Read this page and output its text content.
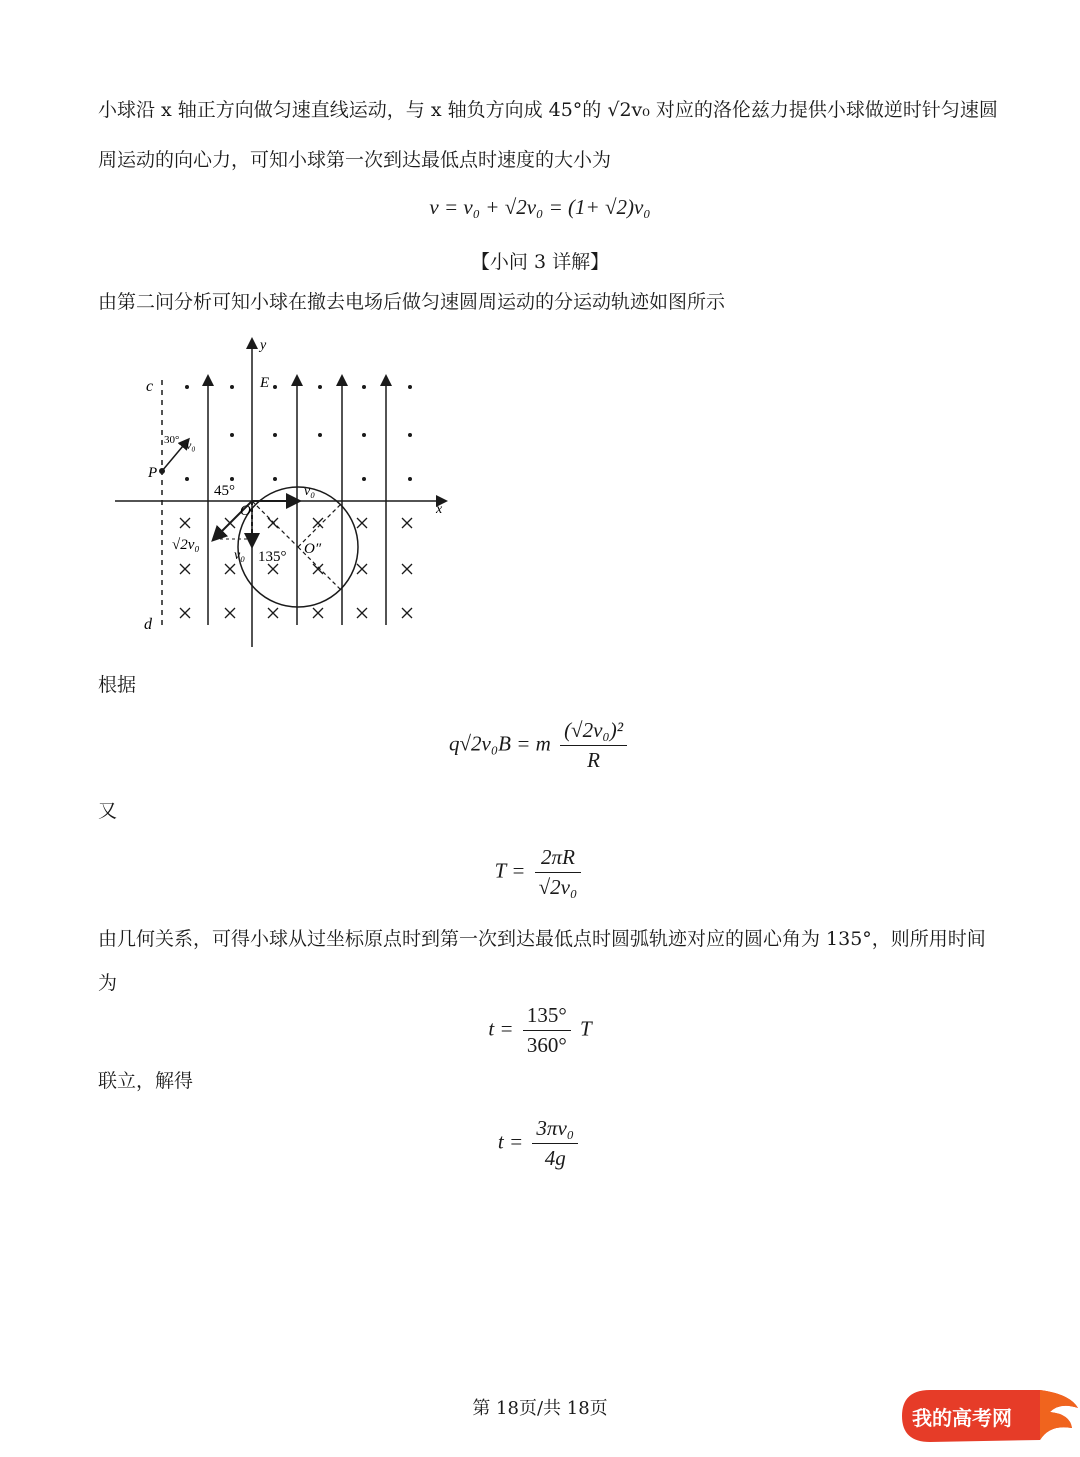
小球沿 x 轴正方向做匀速直线运动，与 x 轴负方向成 45°的 √2v₀ 对应的洛伦兹力提供小球做逆时针匀速圆
周运动的向心力，可知小球第一次到达最低点时速度的大小为
v = v₀ + √2v₀ = (1+ √2)v₀
【小问 3 详解】
由第二问分析可知小球在撤去电场后做匀速圆周运动的分运动轨迹如图所示
y
x
c
d
E
P
O
O″
30° v₀
45°	v₀
√2v₀
v₀ 135°
根据
q√2v₀B = m $\frac{\text{(√2v₀)²}}{R}$
又
$T = \frac{2\pi R}{\text{√2v₀}}$
由几何关系，可得小球从过坐标原点时到第一次到达最低点时圆弧轨迹对应的圆心角为 135°，则所用时间
为
$t = \frac{135^\circ}{360^\circ}$ T
联立，解得
$t = \frac{\text{3πv₀}}{4g}$
第 18页/共 18页	我的高考网
